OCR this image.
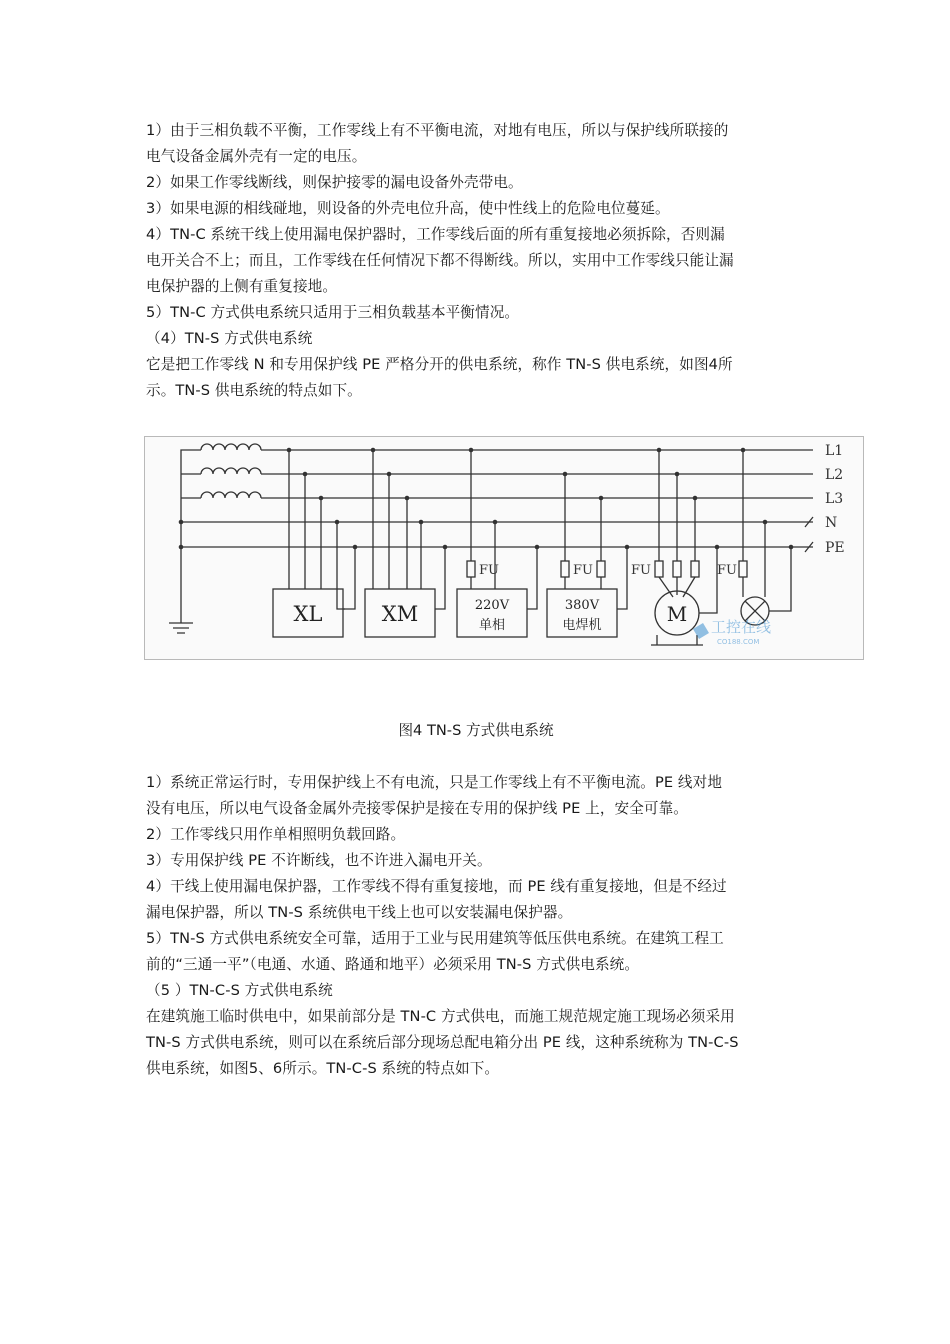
1）由于三相负载不平衡，工作零线上有不平衡电流，对地有电压，所以与保护线所联接的
电气设备金属外壳有一定的电压。
2）如果工作零线断线，则保护接零的漏电设备外壳带电。
3）如果电源的相线碰地，则设备的外壳电位升高，使中性线上的危险电位蔓延。
4）TN-C 系统干线上使用漏电保护器时，工作零线后面的所有重复接地必须拆除，否则漏
电开关合不上；而且，工作零线在任何情况下都不得断线。所以，实用中工作零线只能让漏
电保护器的上侧有重复接地。
5）TN-C 方式供电系统只适用于三相负载基本平衡情况。
（4）TN-S 方式供电系统
它是把工作零线 N 和专用保护线 PE 严格分开的供电系统，称作 TN-S 供电系统，如图4所
示。TN-S 供电系统的特点如下。
L1
L2
L3
N
PE
XL	XM	220V
单相
380V
电焊机	M
FU	FU	FU	FU
工控在线
CO188.COM

图4 TN-S 方式供电系统

1）系统正常运行时，专用保护线上不有电流，只是工作零线上有不平衡电流。PE 线对地
没有电压，所以电气设备金属外壳接零保护是接在专用的保护线 PE 上，安全可靠。
2）工作零线只用作单相照明负载回路。
3）专用保护线 PE 不许断线，也不许进入漏电开关。
4）干线上使用漏电保护器，工作零线不得有重复接地，而 PE 线有重复接地，但是不经过
漏电保护器，所以 TN-S 系统供电干线上也可以安装漏电保护器。
5）TN-S 方式供电系统安全可靠，适用于工业与民用建筑等低压供电系统。在建筑工程工
前的“三通一平”（电通、水通、路通和地平）必须采用 TN-S 方式供电系统。
（5 ）TN-C-S 方式供电系统
在建筑施工临时供电中，如果前部分是 TN-C 方式供电，而施工规范规定施工现场必须采用
TN-S 方式供电系统，则可以在系统后部分现场总配电箱分出 PE 线，这种系统称为 TN-C-S
供电系统，如图5、6所示。TN-C-S 系统的特点如下。
